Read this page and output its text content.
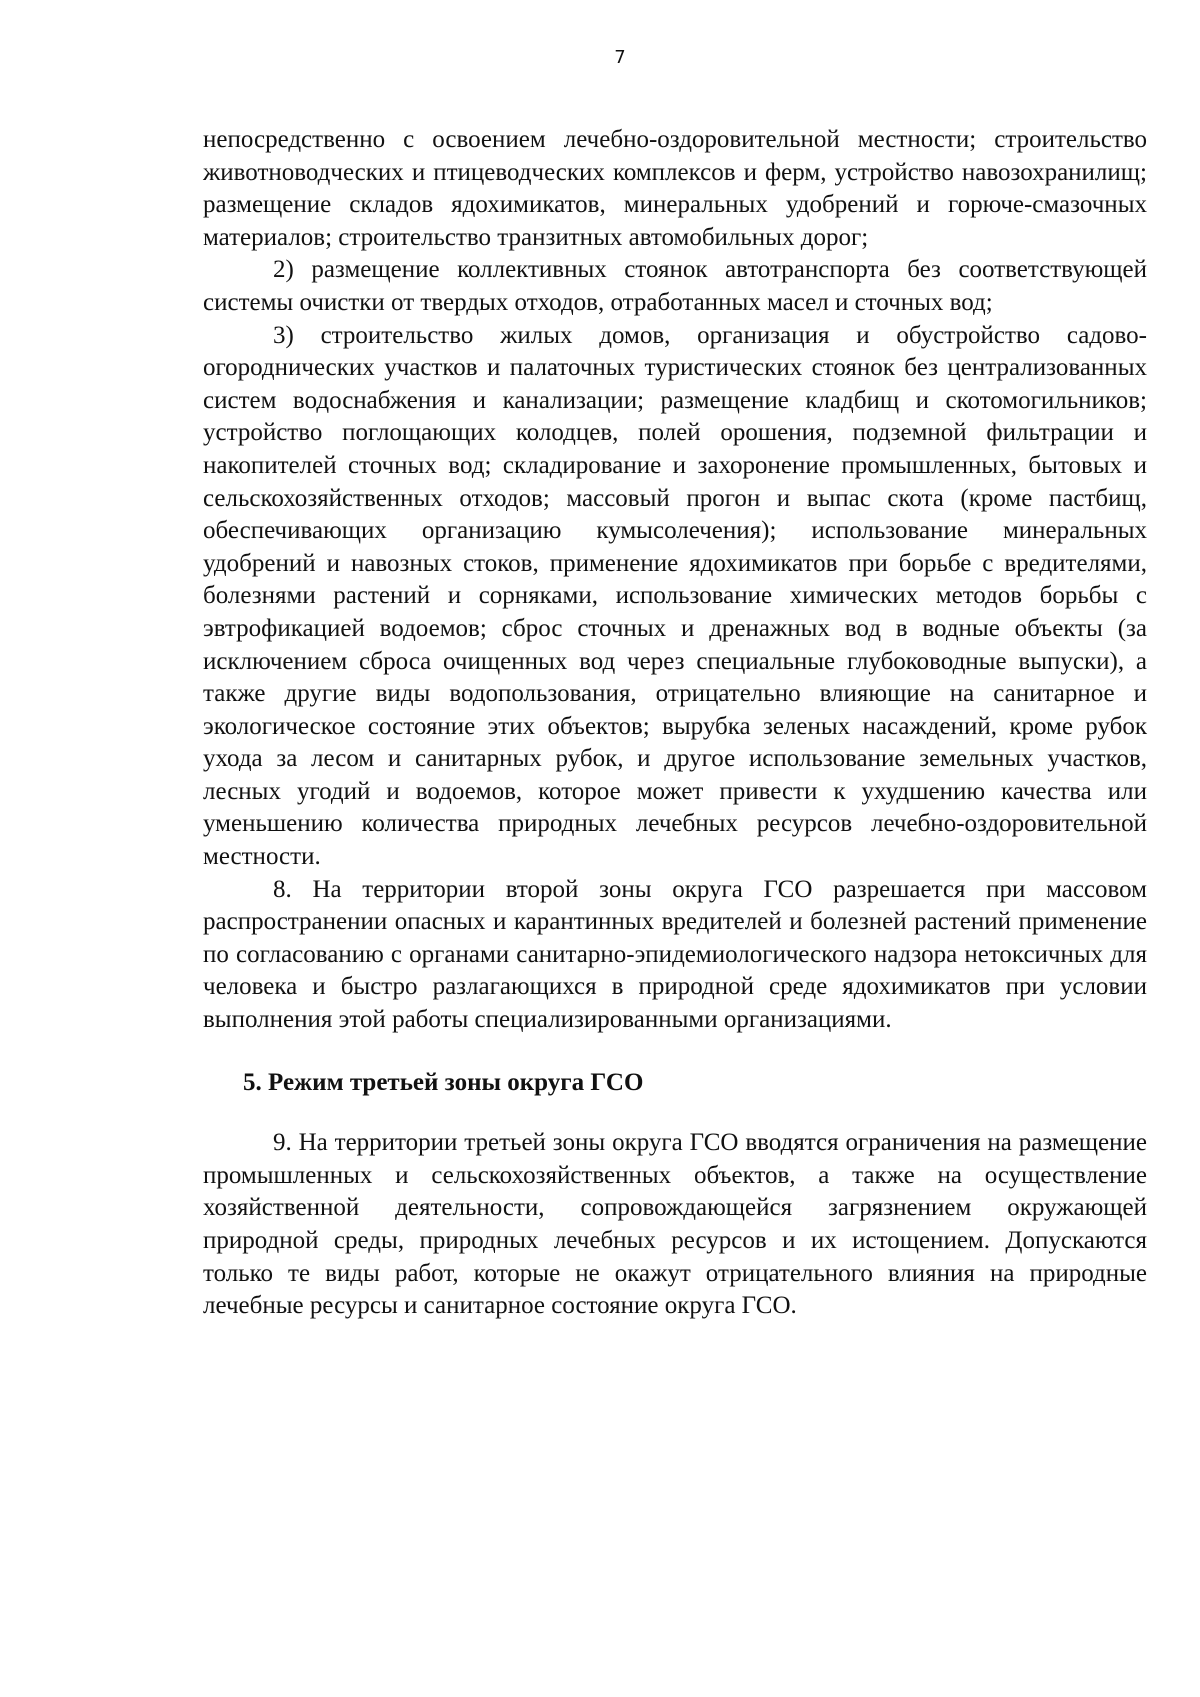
7

непосредственно с освоением лечебно-оздоровительной местности; строительство животноводческих и птицеводческих комплексов и ферм, устройство навозохранилищ; размещение складов ядохимикатов, минеральных удобрений и горюче-смазочных материалов; строительство транзитных автомобильных дорог;

2) размещение коллективных стоянок автотранспорта без соответствующей системы очистки от твердых отходов, отработанных масел и сточных вод;

3) строительство жилых домов, организация и обустройство садово-огороднических участков и палаточных туристических стоянок без централизованных систем водоснабжения и канализации; размещение кладбищ и скотомогильников; устройство поглощающих колодцев, полей орошения, подземной фильтрации и накопителей сточных вод; складирование и захоронение промышленных, бытовых и сельскохозяйственных отходов; массовый прогон и выпас скота (кроме пастбищ, обеспечивающих организацию кумысолечения); использование минеральных удобрений и навозных стоков, применение ядохимикатов при борьбе с вредителями, болезнями растений и сорняками, использование химических методов борьбы с эвтрофикацией водоемов; сброс сточных и дренажных вод в водные объекты (за исключением сброса очищенных вод через специальные глубоководные выпуски), а также другие виды водопользования, отрицательно влияющие на санитарное и экологическое состояние этих объектов; вырубка зеленых насаждений, кроме рубок ухода за лесом и санитарных рубок, и другое использование земельных участков, лесных угодий и водоемов, которое может привести к ухудшению качества или уменьшению количества природных лечебных ресурсов лечебно-оздоровительной местности.

8. На территории второй зоны округа ГСО разрешается при массовом распространении опасных и карантинных вредителей и болезней растений применение по согласованию с органами санитарно-эпидемиологического надзора нетоксичных для человека и быстро разлагающихся в природной среде ядохимикатов при условии выполнения этой работы специализированными организациями.

5. Режим третьей зоны округа ГСО

9. На территории третьей зоны округа ГСО вводятся ограничения на размещение промышленных и сельскохозяйственных объектов, а также на осуществление хозяйственной деятельности, сопровождающейся загрязнением окружающей природной среды, природных лечебных ресурсов и их истощением. Допускаются только те виды работ, которые не окажут отрицательного влияния на природные лечебные ресурсы и санитарное состояние округа ГСО.
